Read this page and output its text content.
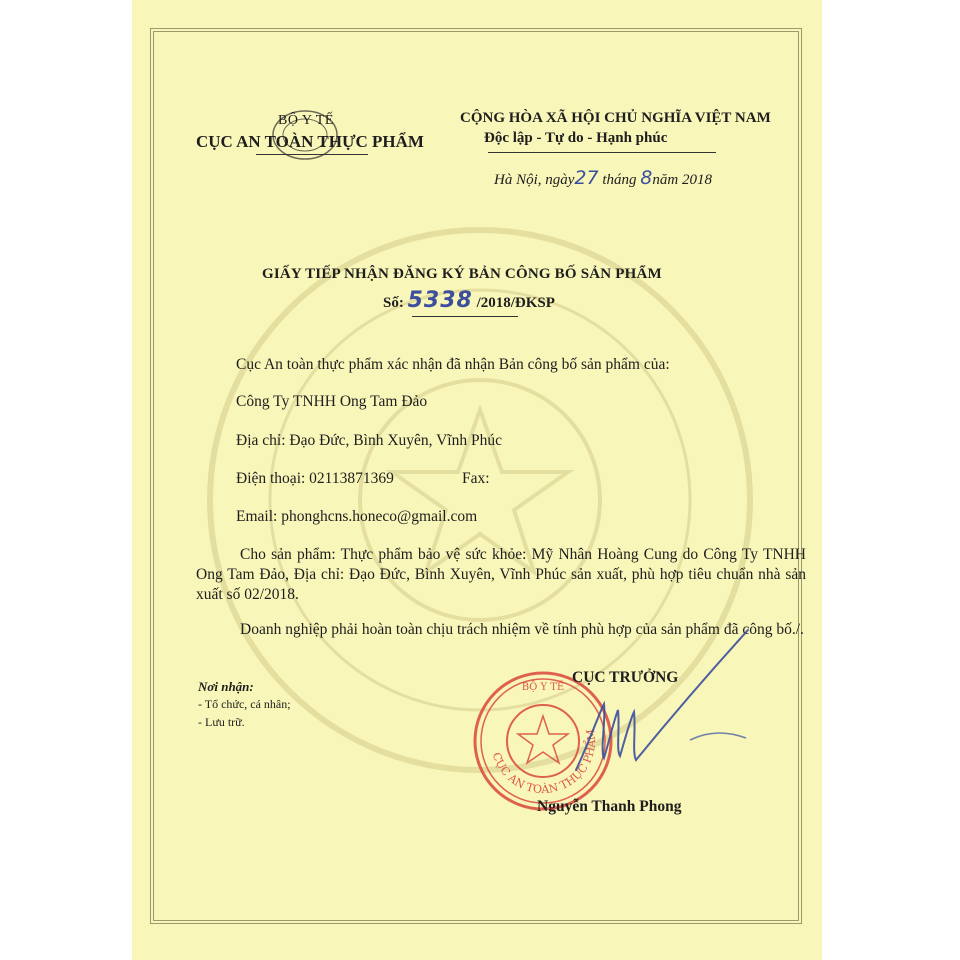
BỘ Y TẾ
CỤC AN TOÀN THỰC PHẨM
CỘNG HÒA XÃ HỘI CHỦ NGHĨA VIỆT NAM
Độc lập - Tự do - Hạnh phúc
Hà Nội, ngày27 tháng 8năm 2018
GIẤY TIẾP NHẬN ĐĂNG KÝ BẢN CÔNG BỐ SẢN PHẨM
Số: 5338 /2018/ĐKSP
Cục An toàn thực phẩm xác nhận đã nhận Bản công bố sản phẩm của:
Công Ty TNHH Ong Tam Đảo
Địa chỉ: Đạo Đức, Bình Xuyên, Vĩnh Phúc
Điện thoại: 02113871369	Fax:
Email: phonghcns.honeco@gmail.com
Cho sản phẩm: Thực phẩm bảo vệ sức khỏe: Mỹ Nhân Hoàng Cung do Công Ty TNHH Ong Tam Đảo, Địa chỉ: Đạo Đức, Bình Xuyên, Vĩnh Phúc sản xuất, phù hợp tiêu chuẩn nhà sản xuất số 02/2018.
Doanh nghiệp phải hoàn toàn chịu trách nhiệm về tính phù hợp của sản phẩm đã công bố./.
Nơi nhận:
- Tổ chức, cá nhân;
- Lưu trữ.
CỤC AN TOÀN THỰC PHẨM
BỘ Y TẾ
CỤC TRƯỞNG
Nguyễn Thanh Phong
